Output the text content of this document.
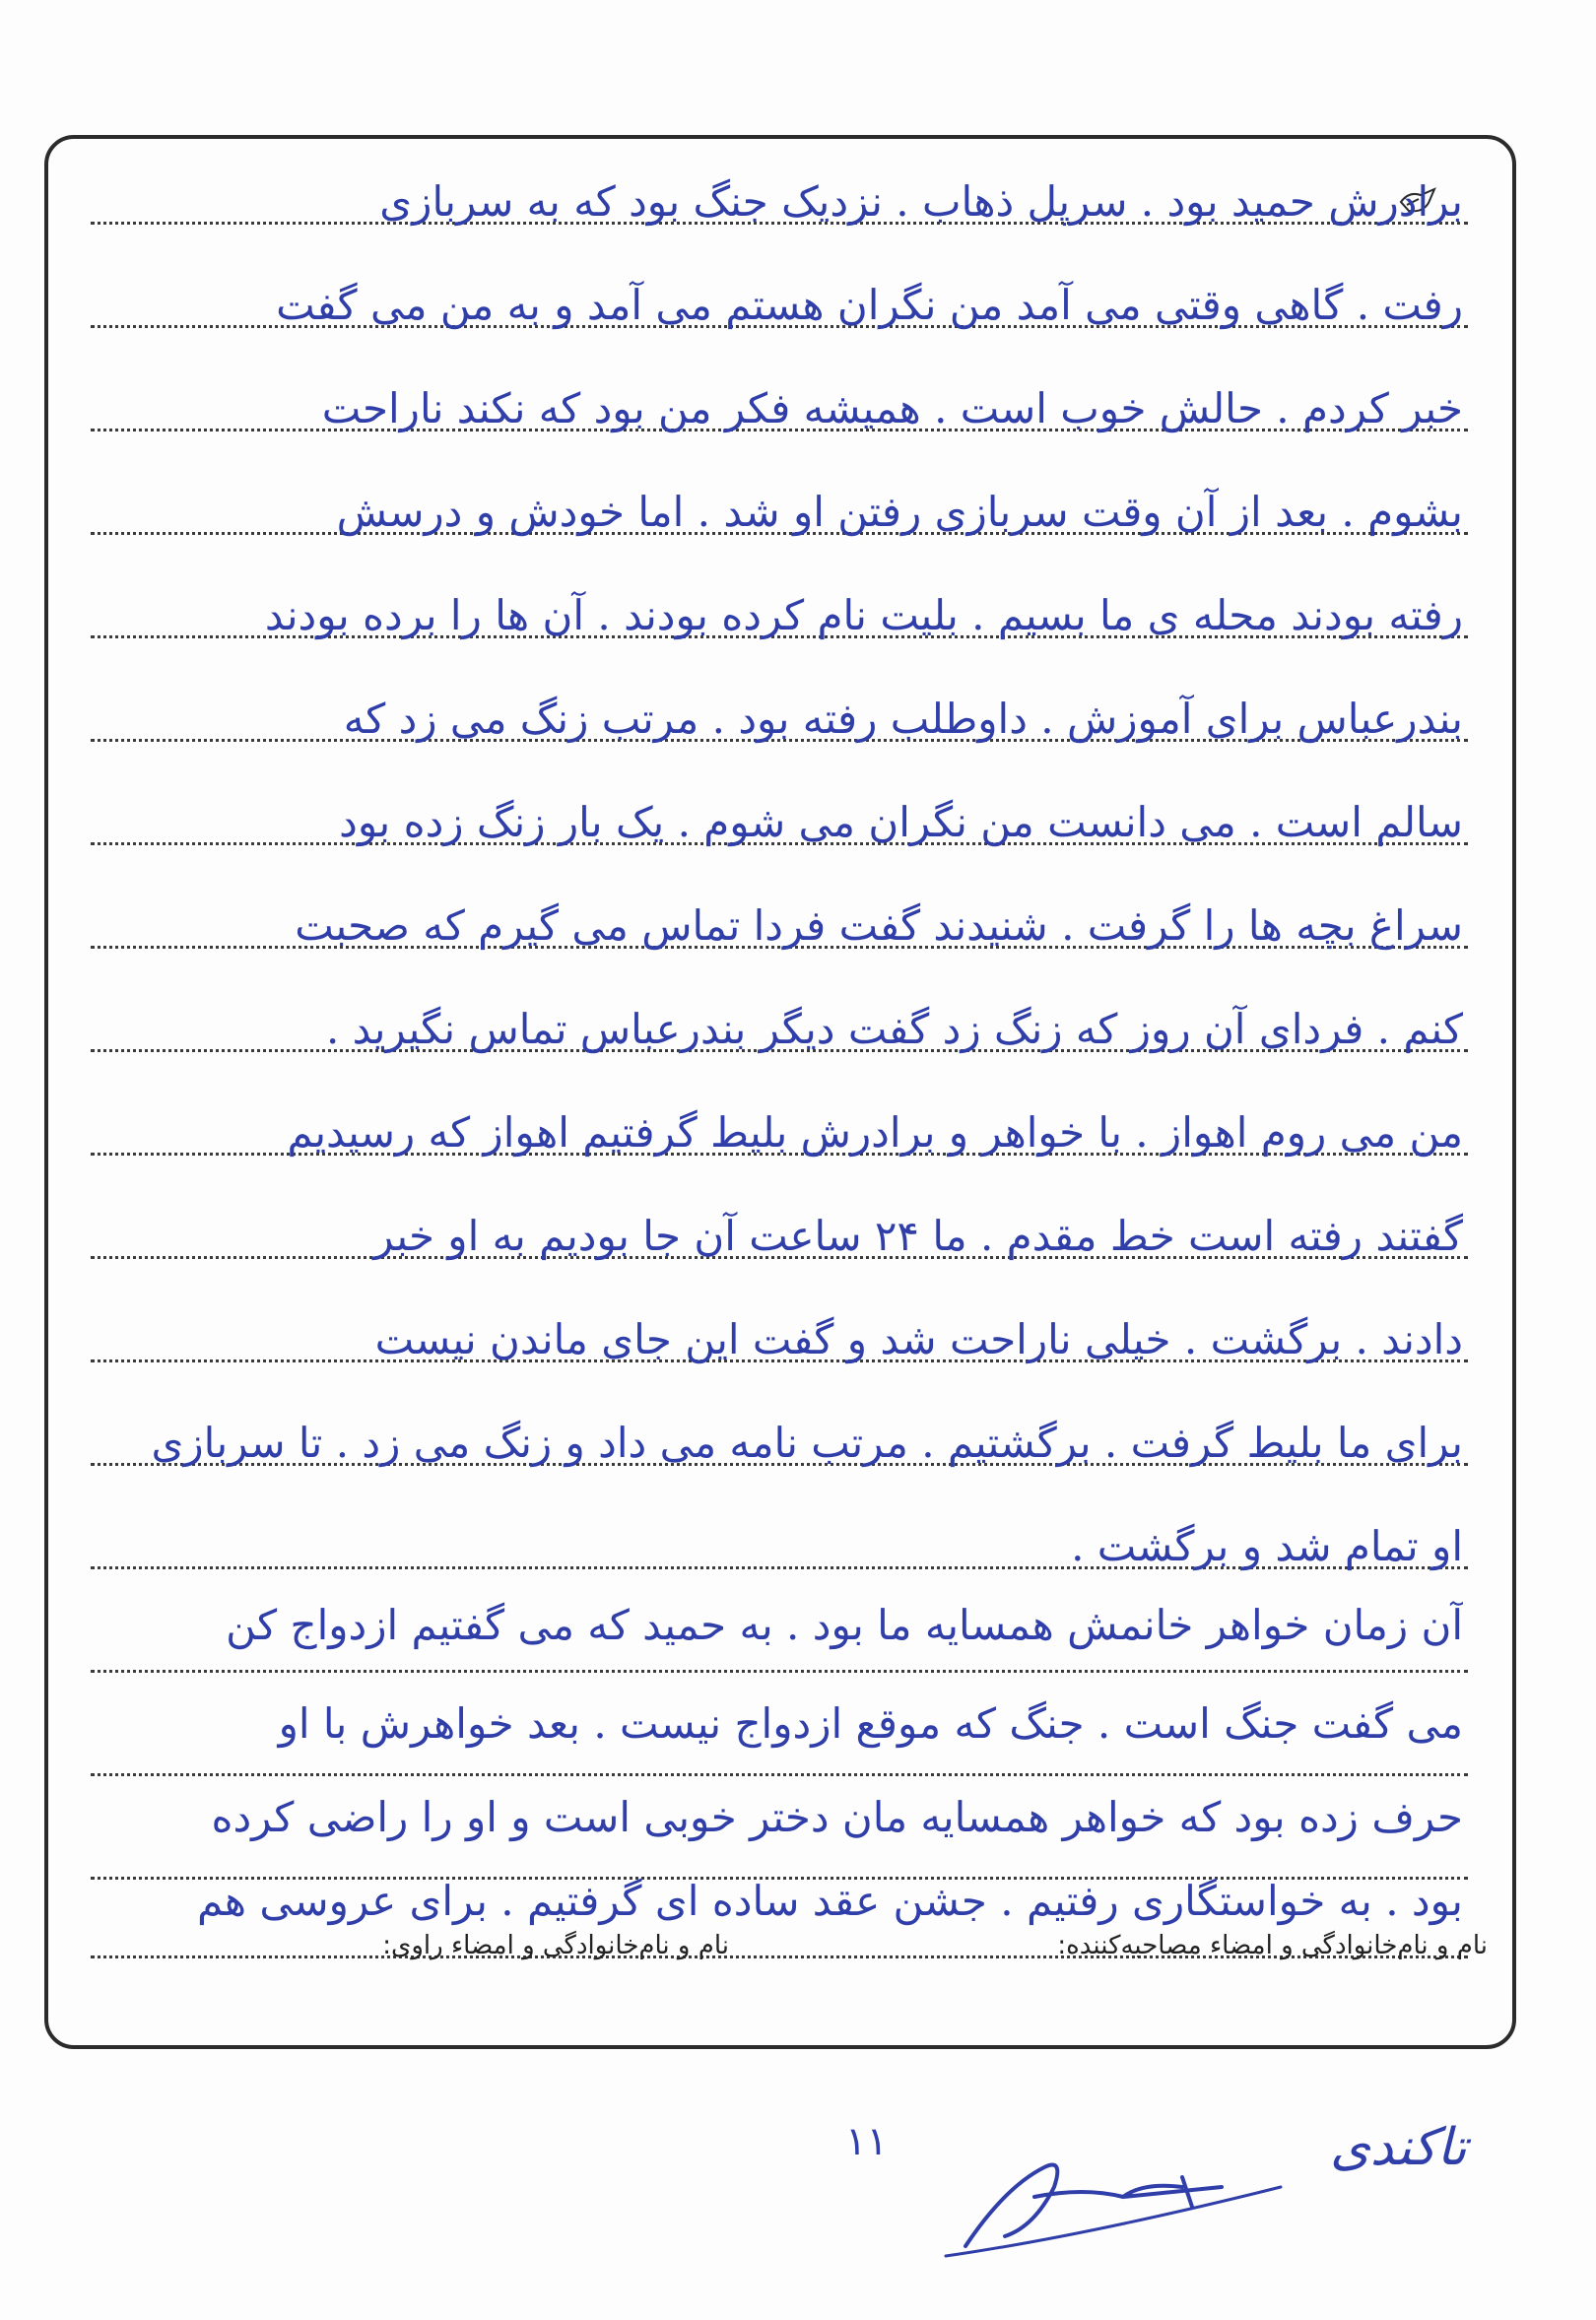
برادرش حمید بود . سرپل ذهاب . نزدیک جنگ بود که به سربازی
رفت . گاهی وقتی می آمد من نگران هستم می آمد و به من می گفت
خبر کردم . حالش خوب است . همیشه فکر من بود که نکند ناراحت
بشوم . بعد از آن وقت سربازی رفتن او شد . اما خودش و درسش
رفته بودند محله ی ما بسیم . بلیت نام کرده بودند . آن ها را برده بودند
بندرعباس برای آموزش . داوطلب رفته بود . مرتب زنگ می زد که
سالم است . می دانست من نگران می شوم . یک بار زنگ زده بود
سراغ بچه ها را گرفت . شنیدند گفت فردا تماس می گیرم که صحبت
کنم . فردای آن روز که زنگ زد گفت دیگر بندرعباس تماس نگیرید .
من می روم اهواز . با خواهر و برادرش بلیط گرفتیم اهواز که رسیدیم
گفتند رفته است خط مقدم . ما ۲۴ ساعت آن جا بودیم به او خبر
دادند . برگشت . خیلی ناراحت شد و گفت این جای ماندن نیست
برای ما بلیط گرفت . برگشتیم . مرتب نامه می داد و زنگ می زد . تا سربازی
او تمام شد و برگشت .
آن زمان خواهر خانمش همسایه ما بود . به حمید که می گفتیم ازدواج کن
می گفت جنگ است . جنگ که موقع ازدواج نیست . بعد خواهرش با او
حرف زده بود که خواهر همسایه مان دختر خوبی است و او را راضی کرده
بود . به خواستگاری رفتیم . جشن عقد ساده ای گرفتیم . برای عروسی هم
نام و نام‌خانوادگی و امضاء مصاحبه‌کننده:
نام و نام‌خانوادگی و امضاء راوی:
۱۱	تاکندی
